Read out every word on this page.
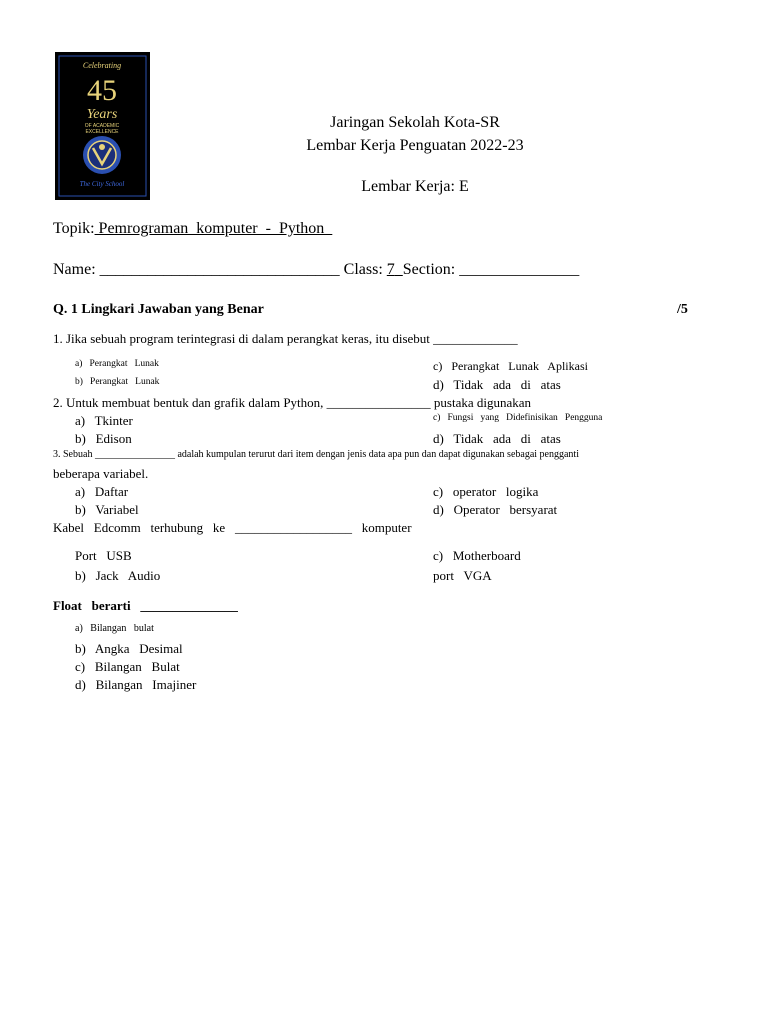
Celebrating
45
Years
OF ACADEMIC
EXCELLENCE
The City School
Jaringan Sekolah Kota-SR
Lembar Kerja Penguatan 2022-23
Lembar Kerja: E
Topik: Pemrograman  komputer  -  Python
Name: ______________________________ Class: 7 Section: _______________
Q. 1 Lingkari Jawaban yang Benar	/5
1. Jika sebuah program terintegrasi di dalam perangkat keras, itu disebut _____________
a)   Perangkat   Lunak
b)   Perangkat   Lunak
c)   Perangkat   Lunak   Aplikasi
d)   Tidak   ada   di   atas
2. Untuk membuat bentuk dan grafik dalam Python, ________________ pustaka digunakan
a)   Tkinter
b)   Edison
c)   Fungsi   yang   Didefinisikan   Pengguna
d)   Tidak   ada   di   atas
3. Sebuah ________________ adalah kumpulan terurut dari item dengan jenis data apa pun dan dapat digunakan sebagai pengganti
beberapa variabel.
a)   Daftar
b)   Variabel
c)   operator   logika
d)   Operator   bersyarat
Kabel   Edcomm   terhubung   ke   __________________   komputer
Port   USB
b)   Jack   Audio
c)   Motherboard
port   VGA
Float   berarti   _______________
a)   Bilangan   bulat
b)   Angka   Desimal
c)   Bilangan   Bulat
d)   Bilangan   Imajiner
